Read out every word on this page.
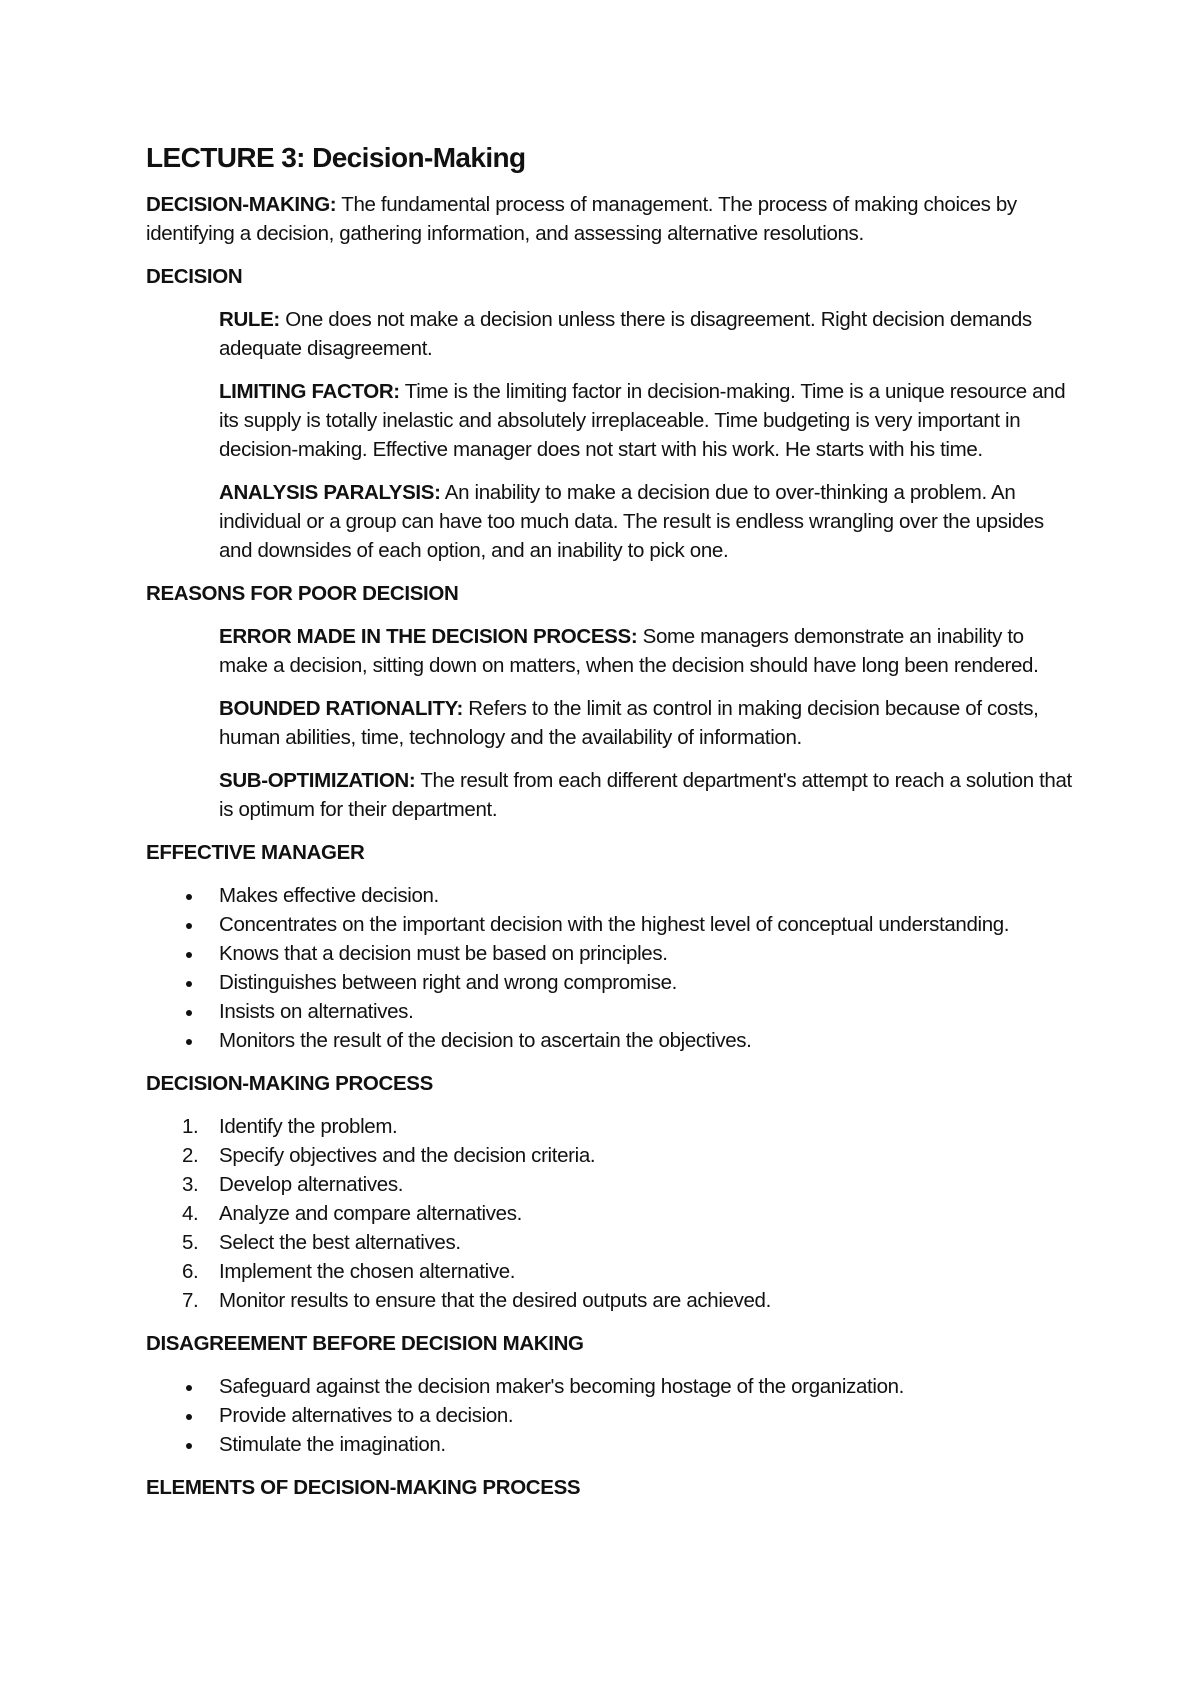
LECTURE 3: Decision-Making

DECISION-MAKING: The fundamental process of management. The process of making choices by identifying a decision, gathering information, and assessing alternative resolutions.

DECISION

RULE: One does not make a decision unless there is disagreement. Right decision demands adequate disagreement.

LIMITING FACTOR: Time is the limiting factor in decision-making. Time is a unique resource and its supply is totally inelastic and absolutely irreplaceable. Time budgeting is very important in decision-making. Effective manager does not start with his work. He starts with his time.

ANALYSIS PARALYSIS: An inability to make a decision due to over-thinking a problem. An individual or a group can have too much data. The result is endless wrangling over the upsides and downsides of each option, and an inability to pick one.

REASONS FOR POOR DECISION

ERROR MADE IN THE DECISION PROCESS: Some managers demonstrate an inability to make a decision, sitting down on matters, when the decision should have long been rendered.

BOUNDED RATIONALITY: Refers to the limit as control in making decision because of costs, human abilities, time, technology and the availability of information.

SUB-OPTIMIZATION: The result from each different department's attempt to reach a solution that is optimum for their department.

EFFECTIVE MANAGER

Makes effective decision.
Concentrates on the important decision with the highest level of conceptual understanding.
Knows that a decision must be based on principles.
Distinguishes between right and wrong compromise.
Insists on alternatives.
Monitors the result of the decision to ascertain the objectives.

DECISION-MAKING PROCESS

1. Identify the problem.
2. Specify objectives and the decision criteria.
3. Develop alternatives.
4. Analyze and compare alternatives.
5. Select the best alternatives.
6. Implement the chosen alternative.
7. Monitor results to ensure that the desired outputs are achieved.

DISAGREEMENT BEFORE DECISION MAKING

Safeguard against the decision maker's becoming hostage of the organization.
Provide alternatives to a decision.
Stimulate the imagination.

ELEMENTS OF DECISION-MAKING PROCESS
